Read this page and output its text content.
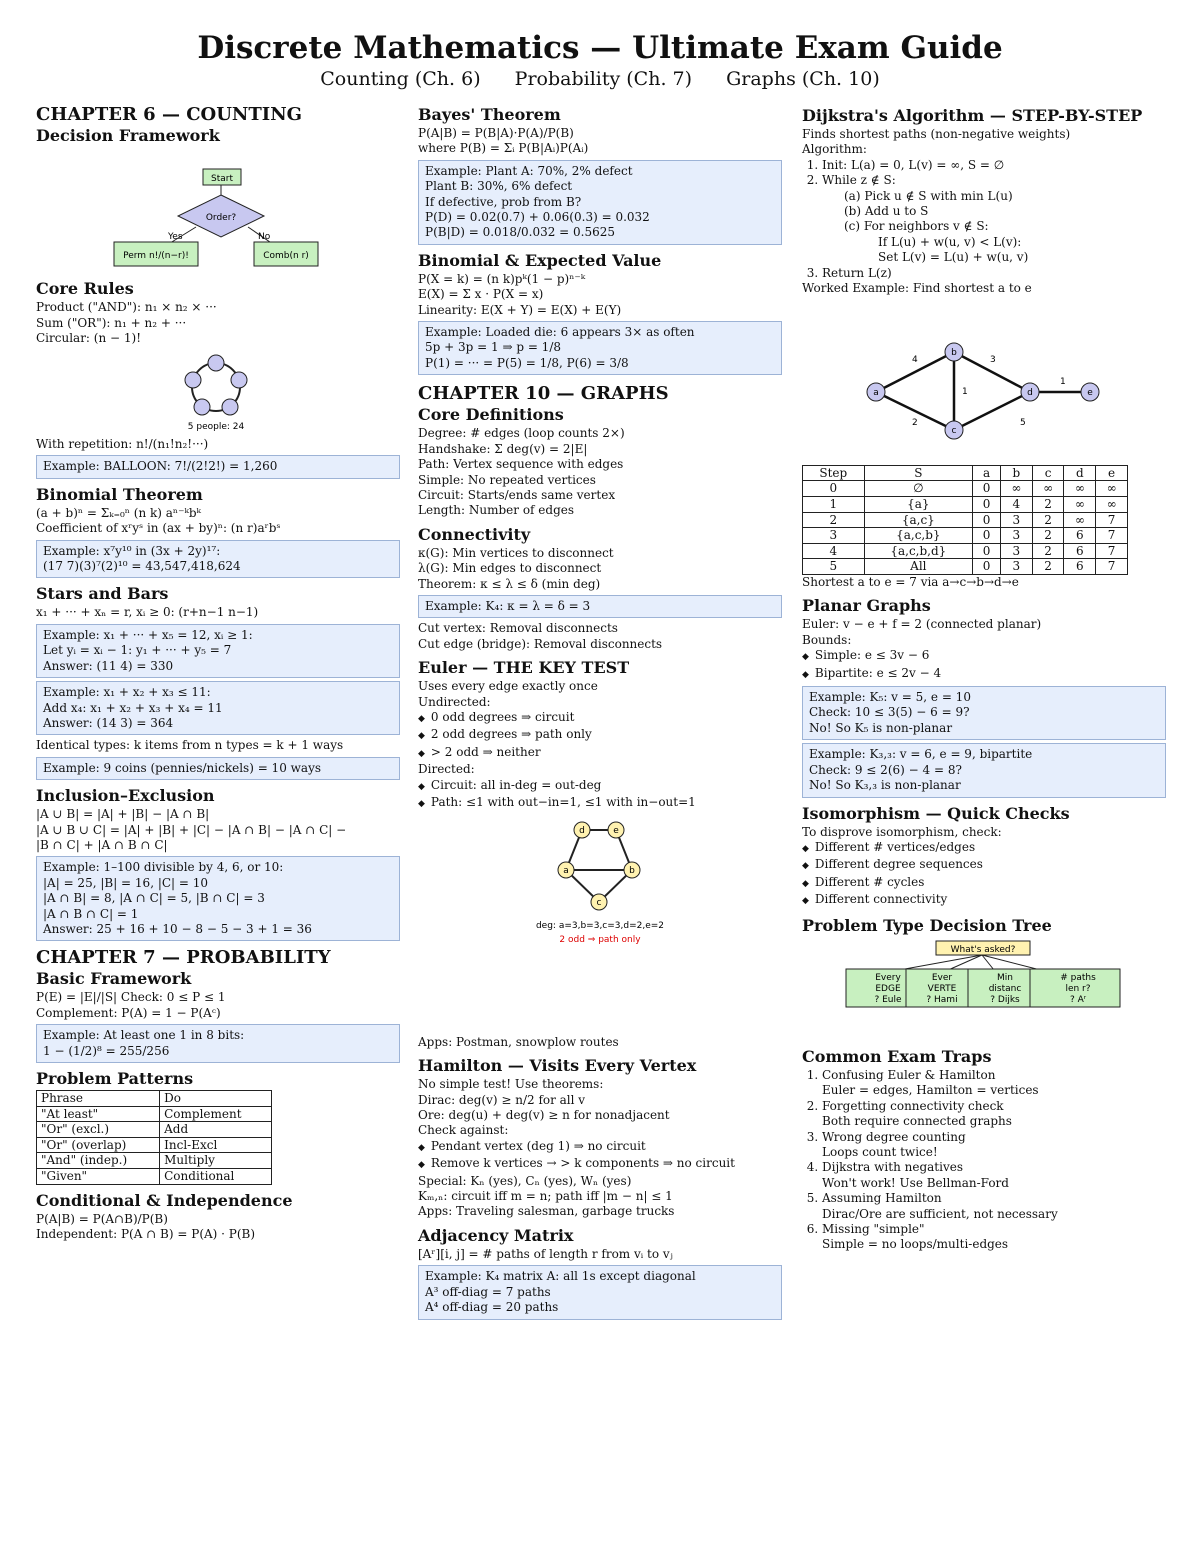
Discrete Mathematics — Ultimate Exam Guide

Counting (Ch. 6) Probability (Ch. 7) Graphs (Ch. 10)

CHAPTER 6 — COUNTING

Decision Framework

Start
Order?
Yes	No
Perm n!/(n−r)!	Comb(n r)

Core Rules

Product ("AND"): n₁ × n₂ × ···

Sum ("OR"): n₁ + n₂ + ···

Circular: (n − 1)!

5 people: 24

With repetition: n!/(n₁!n₂!···)

Example: BALLOON: 7!/(2!2!) = 1,260

Binomial Theorem

(a + b)ⁿ = Σₖ₌₀ⁿ (n k) aⁿ⁻ᵏbᵏ

Coefficient of xʳyˢ in (ax + by)ⁿ: (n r)aʳbˢ

Example: x⁷y¹⁰ in (3x + 2y)¹⁷:

(17 7)(3)⁷(2)¹⁰ = 43,547,418,624

Stars and Bars

x₁ + ··· + xₙ = r, xᵢ ≥ 0: (r+n−1 n−1)

Example: x₁ + ··· + x₅ = 12, xᵢ ≥ 1:

Let yᵢ = xᵢ − 1: y₁ + ··· + y₅ = 7

Answer: (11 4) = 330

Example: x₁ + x₂ + x₃ ≤ 11:

Add x₄: x₁ + x₂ + x₃ + x₄ = 11

Answer: (14 3) = 364

Identical types: k items from n types = k + 1 ways

Example: 9 coins (pennies/nickels) = 10 ways

Inclusion–Exclusion

|A ∪ B| = |A| + |B| − |A ∩ B|

|A ∪ B ∪ C| = |A| + |B| + |C| − |A ∩ B| − |A ∩ C| −

|B ∩ C| + |A ∩ B ∩ C|

Example: 1–100 divisible by 4, 6, or 10:

|A| = 25, |B| = 16, |C| = 10

|A ∩ B| = 8, |A ∩ C| = 5, |B ∩ C| = 3

|A ∩ B ∩ C| = 1

Answer: 25 + 16 + 10 − 8 − 5 − 3 + 1 = 36

CHAPTER 7 — PROBABILITY

Basic Framework

P(E) = |E|/|S| Check: 0 ≤ P ≤ 1

Complement: P(A) = 1 − P(Aᶜ)

Example: At least one 1 in 8 bits:

1 − (1/2)⁸ = 255/256

Problem Patterns

Phrase	Do
"At least"	Complement
"Or" (excl.)	Add
"Or" (overlap)	Incl-Excl
"And" (indep.)	Multiply
"Given"	Conditional

Conditional & Independence

P(A|B) = P(A∩B)/P(B)

Independent: P(A ∩ B) = P(A) · P(B)

Bayes' Theorem

P(A|B) = P(B|A)·P(A)/P(B)

where P(B) = Σᵢ P(B|Aᵢ)P(Aᵢ)

Example: Plant A: 70%, 2% defect

Plant B: 30%, 6% defect

If defective, prob from B?

P(D) = 0.02(0.7) + 0.06(0.3) = 0.032

P(B|D) = 0.018/0.032 = 0.5625

Binomial & Expected Value

P(X = k) = (n k)pᵏ(1 − p)ⁿ⁻ᵏ

E(X) = Σ x · P(X = x)

Linearity: E(X + Y) = E(X) + E(Y)

Example: Loaded die: 6 appears 3× as often

5p + 3p = 1 ⇒ p = 1/8

P(1) = ··· = P(5) = 1/8, P(6) = 3/8

CHAPTER 10 — GRAPHS

Core Definitions

Degree: # edges (loop counts 2×)

Handshake: Σ deg(v) = 2|E|

Path: Vertex sequence with edges

Simple: No repeated vertices

Circuit: Starts/ends same vertex

Length: Number of edges

Connectivity

κ(G): Min vertices to disconnect

λ(G): Min edges to disconnect

Theorem: κ ≤ λ ≤ δ (min deg)

Example: K₄: κ = λ = δ = 3

Cut vertex: Removal disconnects

Cut edge (bridge): Removal disconnects

Euler — THE KEY TEST

Uses every edge exactly once

Undirected:

◆ 0 odd degrees ⇒ circuit
◆ 2 odd degrees ⇒ path only
◆ > 2 odd ⇒ neither

Directed:

◆ Circuit: all in-deg = out-deg
◆ Path: ≤1 with out−in=1, ≤1 with in−out=1
d	e
a	b
c
deg: a=3,b=3,c=3,d=2,e=2
2 odd ⇒ path only

Apps: Postman, snowplow routes

Hamilton — Visits Every Vertex

No simple test! Use theorems:

Dirac: deg(v) ≥ n/2 for all v

Ore: deg(u) + deg(v) ≥ n for nonadjacent

Check against:

◆ Pendant vertex (deg 1) ⇒ no circuit
◆ Remove k vertices → > k components ⇒ no circuit

Special: Kₙ (yes), Cₙ (yes), Wₙ (yes)

Kₘ,ₙ: circuit iff m = n; path iff |m − n| ≤ 1

Apps: Traveling salesman, garbage trucks

Adjacency Matrix

[Aʳ][i, j] = # paths of length r from vᵢ to vⱼ

Example: K₄ matrix A: all 1s except diagonal

A³ off-diag = 7 paths

A⁴ off-diag = 20 paths

Dijkstra's Algorithm — STEP-BY-STEP

Finds shortest paths (non-negative weights)

Algorithm:

1. Init: L(a) = 0, L(v) = ∞, S = ∅
2. While z ∉ S:
(a) Pick u ∉ S with min L(u)
(b) Add u to S
(c) For neighbors v ∉ S:
If L(u) + w(u, v) < L(v):
Set L(v) = L(u) + w(u, v)
3. Return L(z)

Worked Example: Find shortest a to e

a
b
c
d	e
4	3
1
2	5
1
Step	S	a	b	c	d	e
0	∅	0	∞	∞	∞	∞
1	{a}	0	4	2	∞	∞
2	{a,c}	0	3	2	∞	7
3	{a,c,b}	0	3	2	6	7
4	{a,c,b,d}	0	3	2	6	7
5	All	0	3	2	6	7

Shortest a to e = 7 via a→c→b→d→e

Planar Graphs

Euler: v − e + f = 2 (connected planar)

Bounds:

◆ Simple: e ≤ 3v − 6
◆ Bipartite: e ≤ 2v − 4

Example: K₅: v = 5, e = 10

Check: 10 ≤ 3(5) − 6 = 9?

No! So K₅ is non-planar

Example: K₃,₃: v = 6, e = 9, bipartite

Check: 9 ≤ 2(6) − 4 = 8?

No! So K₃,₃ is non-planar

Isomorphism — Quick Checks

To disprove isomorphism, check:

◆ Different # vertices/edges
◆ Different degree sequences
◆ Different # cycles
◆ Different connectivity

Problem Type Decision Tree

What's asked?
Every
EDGE
? Eule
Ever
VERTE
? Hami
Min
distanc
? Dijks
# paths
len r?
? Aʳ

Common Exam Traps

1. Confusing Euler & Hamilton
Euler = edges, Hamilton = vertices
2. Forgetting connectivity check
Both require connected graphs
3. Wrong degree counting
Loops count twice!
4. Dijkstra with negatives
Won't work! Use Bellman-Ford
5. Assuming Hamilton
Dirac/Ore are sufficient, not necessary
6. Missing "simple"
Simple = no loops/multi-edges
